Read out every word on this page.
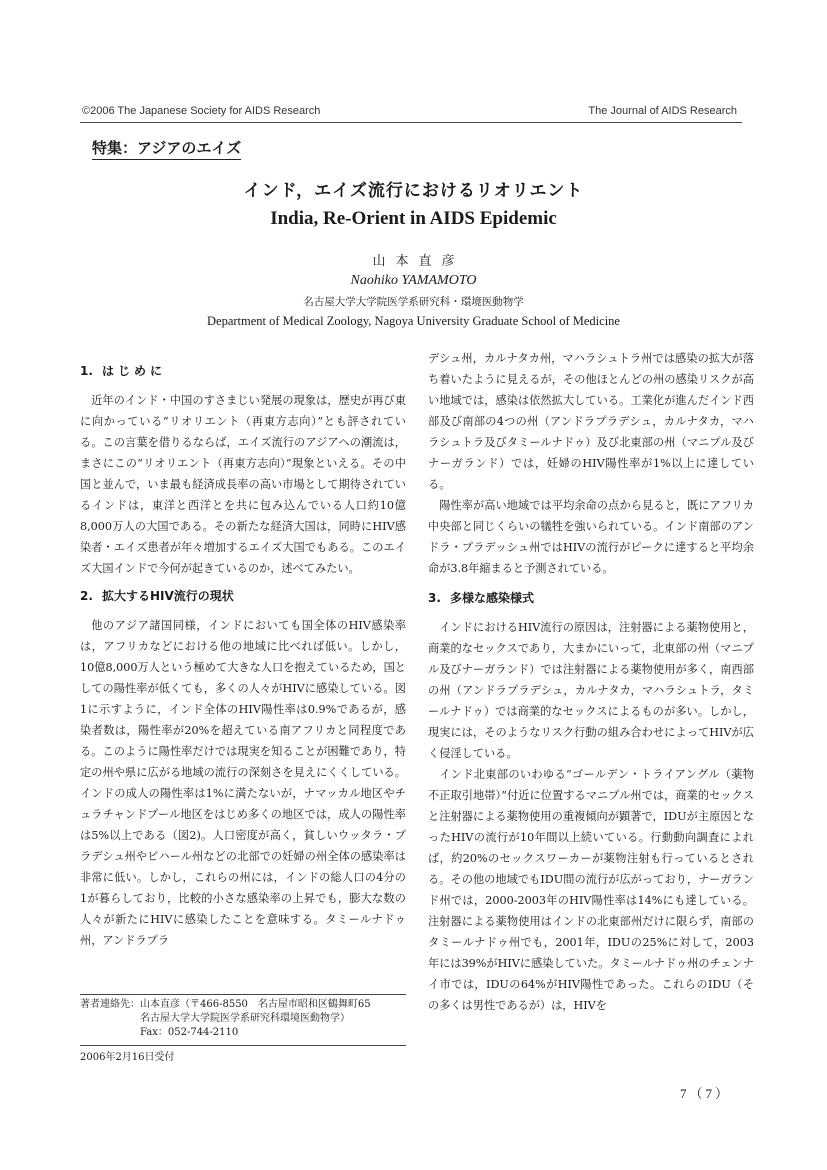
©2006 The Japanese Society for AIDS Research	The Journal of AIDS Research
特集：アジアのエイズ
インド，エイズ流行におけるリオリエント
India, Re-Orient in AIDS Epidemic
山本直彦
Naohiko YAMAMOTO
名古屋大学大学院医学系研究科・環境医動物学
Department of Medical Zoology, Nagoya University Graduate School of Medicine
1. はじめに

近年のインド・中国のすさまじい発展の現象は，歴史が再び東に向かっている“リオリエント（再東方志向）”とも評されている。この言葉を借りるならば，エイズ流行のアジアへの潮流は，まさにこの“リオリエント（再東方志向）”現象といえる。その中国と並んで，いま最も経済成長率の高い市場として期待されているインドは，東洋と西洋とを共に包み込んでいる人口約10億8,000万人の大国である。その新たな経済大国は，同時にHIV感染者・エイズ患者が年々増加するエイズ大国でもある。このエイズ大国インドで今何が起きているのか，述べてみたい。

2. 拡大するHIV流行の現状

他のアジア諸国同様，インドにおいても国全体のHIV感染率は，アフリカなどにおける他の地域に比べれば低い。しかし，10億8,000万人という極めて大きな人口を抱えているため，国としての陽性率が低くても，多くの人々がHIVに感染している。図1に示すように，インド全体のHIV陽性率は0.9%であるが，感染者数は，陽性率が20%を超えている南アフリカと同程度である。このように陽性率だけでは現実を知ることが困難であり，特定の州や県に広がる地域の流行の深刻さを見えにくくしている。インドの成人の陽性率は1%に満たないが，ナマッカル地区やチュラチャンドプール地区をはじめ多くの地区では，成人の陽性率は5%以上である（図2)。人口密度が高く，貧しいウッタラ・プラデシュ州やビハール州などの北部での妊婦の州全体の感染率は非常に低い。しかし，これらの州には，インドの総人口の4分の1が暮らしており，比較的小さな感染率の上昇でも，膨大な数の人々が新たにHIVに感染したことを意味する。タミールナドゥ州，アンドラプラ

デシュ州，カルナタカ州，マハラシュトラ州では感染の拡大が落ち着いたように見えるが，その他ほとんどの州の感染リスクが高い地域では，感染は依然拡大している。工業化が進んだインド西部及び南部の4つの州（アンドラプラデシュ，カルナタカ，マハラシュトラ及びタミールナドゥ）及び北東部の州（マニプル及びナーガランド）では，妊婦のHIV陽性率が1%以上に達している。

陽性率が高い地域では平均余命の点から見ると，既にアフリカ中央部と同じくらいの犠牲を強いられている。インド南部のアンドラ・プラデッシュ州ではHIVの流行がピークに達すると平均余命が3.8年縮まると予測されている。

3. 多様な感染様式

インドにおけるHIV流行の原因は，注射器による薬物使用と，商業的なセックスであり，大まかにいって，北東部の州（マニプル及びナーガランド）では注射器による薬物使用が多く，南西部の州（アンドラプラデシュ，カルナタカ，マハラシュトラ，タミールナドゥ）では商業的なセックスによるものが多い。しかし，現実には，そのようなリスク行動の組み合わせによってHIVが広く侵淫している。

インド北東部のいわゆる“ゴールデン・トライアングル（薬物不正取引地帯）”付近に位置するマニプル州では，商業的セックスと注射器による薬物使用の重複傾向が顕著で，IDUが主原因となったHIVの流行が10年間以上続いている。行動動向調査によれば，約20%のセックスワーカーが薬物注射も行っているとされる。その他の地域でもIDU間の流行が広がっており，ナーガランド州では，2000-2003年のHIV陽性率は14%にも達している。注射器による薬物使用はインドの北東部州だけに限らず，南部のタミールナドゥ州でも，2001年，IDUの25%に対して，2003年には39%がHIVに感染していた。タミールナドゥ州のチェンナイ市では，IDUの64%がHIV陽性であった。これらのIDU（その多くは男性であるが）は，HIVを

著者連絡先： 山本直彦（〒466-8550　名古屋市昭和区鶴舞町65
名古屋大学大学院医学系研究科環境医動物学）
Fax：052-744-2110
2006年2月16日受付
7（7）
